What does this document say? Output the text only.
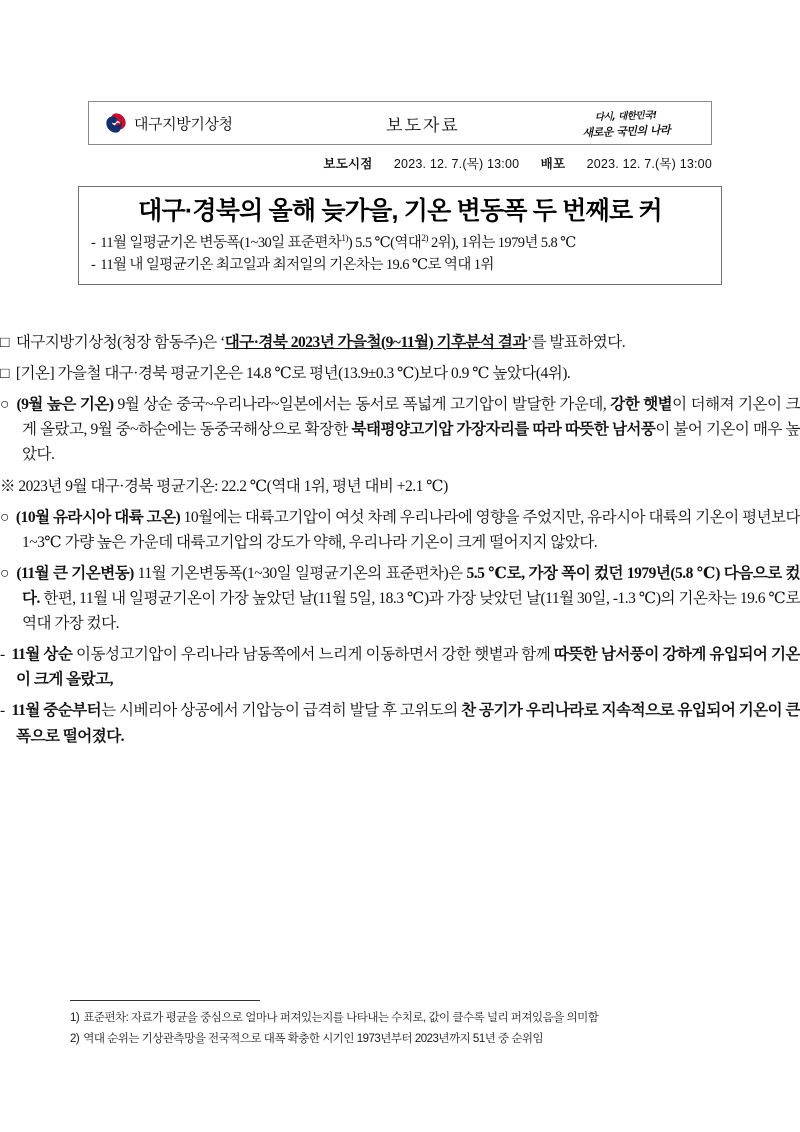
대구지방기상청	보도자료	다시, 대한민국!
새로운 국민의 나라
보도시점 2023. 12. 7.(목) 13:00 배포 2023. 12. 7.(목) 13:00
대구·경북의 올해 늦가을, 기온 변동폭 두 번째로 커
- 11월 일평균기온 변동폭(1~30일 표준편차$^{1)}$) 5.5 ℃(역대$^{2)}$ 2위), 1위는 1979년 5.8 ℃
- 11월 내 일평균기온 최고일과 최저일의 기온차는 19.6 ℃로 역대 1위

□ 대구지방기상청(청장 함동주)은 ‘대구·경북 2023년 가을철(9~11월) 기후분석 결과’를 발표하였다.

□ [기온] 가을철 대구·경북 평균기온은 14.8 ℃로 평년(13.9±0.3 ℃)보다 0.9 ℃ 높았다(4위).

○ (9월 높은 기온) 9월 상순 중국~우리나라~일본에서는 동서로 폭넓게 고기압이 발달한 가운데, 강한 햇볕이 더해져 기온이 크게 올랐고, 9월 중~하순에는 동중국해상으로 확장한 북태평양고기압 가장자리를 따라 따뜻한 남서풍이 불어 기온이 매우 높았다.

※ 2023년 9월 대구·경북 평균기온: 22.2 ℃(역대 1위, 평년 대비 +2.1 ℃)

○ (10월 유라시아 대륙 고온) 10월에는 대륙고기압이 여섯 차례 우리나라에 영향을 주었지만, 유라시아 대륙의 기온이 평년보다 1~3℃ 가량 높은 가운데 대륙고기압의 강도가 약해, 우리나라 기온이 크게 떨어지지 않았다.

○ (11월 큰 기온변동) 11월 기온변동폭(1~30일 일평균기온의 표준편차)은 5.5 ℃로, 가장 폭이 컸던 1979년(5.8 ℃) 다음으로 컸다. 한편, 11월 내 일평균기온이 가장 높았던 날(11월 5일, 18.3 ℃)과 가장 낮았던 날(11월 30일, -1.3 ℃)의 기온차는 19.6 ℃로 역대 가장 컸다.

- 11월 상순 이동성고기압이 우리나라 남동쪽에서 느리게 이동하면서 강한 햇볕과 함께 따뜻한 남서풍이 강하게 유입되어 기온이 크게 올랐고,

- 11월 중순부터는 시베리아 상공에서 기압능이 급격히 발달 후 고위도의 찬 공기가 우리나라로 지속적으로 유입되어 기온이 큰 폭으로 떨어졌다.

1) 표준편차: 자료가 평균을 중심으로 얼마나 퍼져있는지를 나타내는 수치로, 값이 클수록 널리 퍼져있음을 의미함
2) 역대 순위는 기상관측망을 전국적으로 대폭 확충한 시기인 1973년부터 2023년까지 51년 중 순위임
